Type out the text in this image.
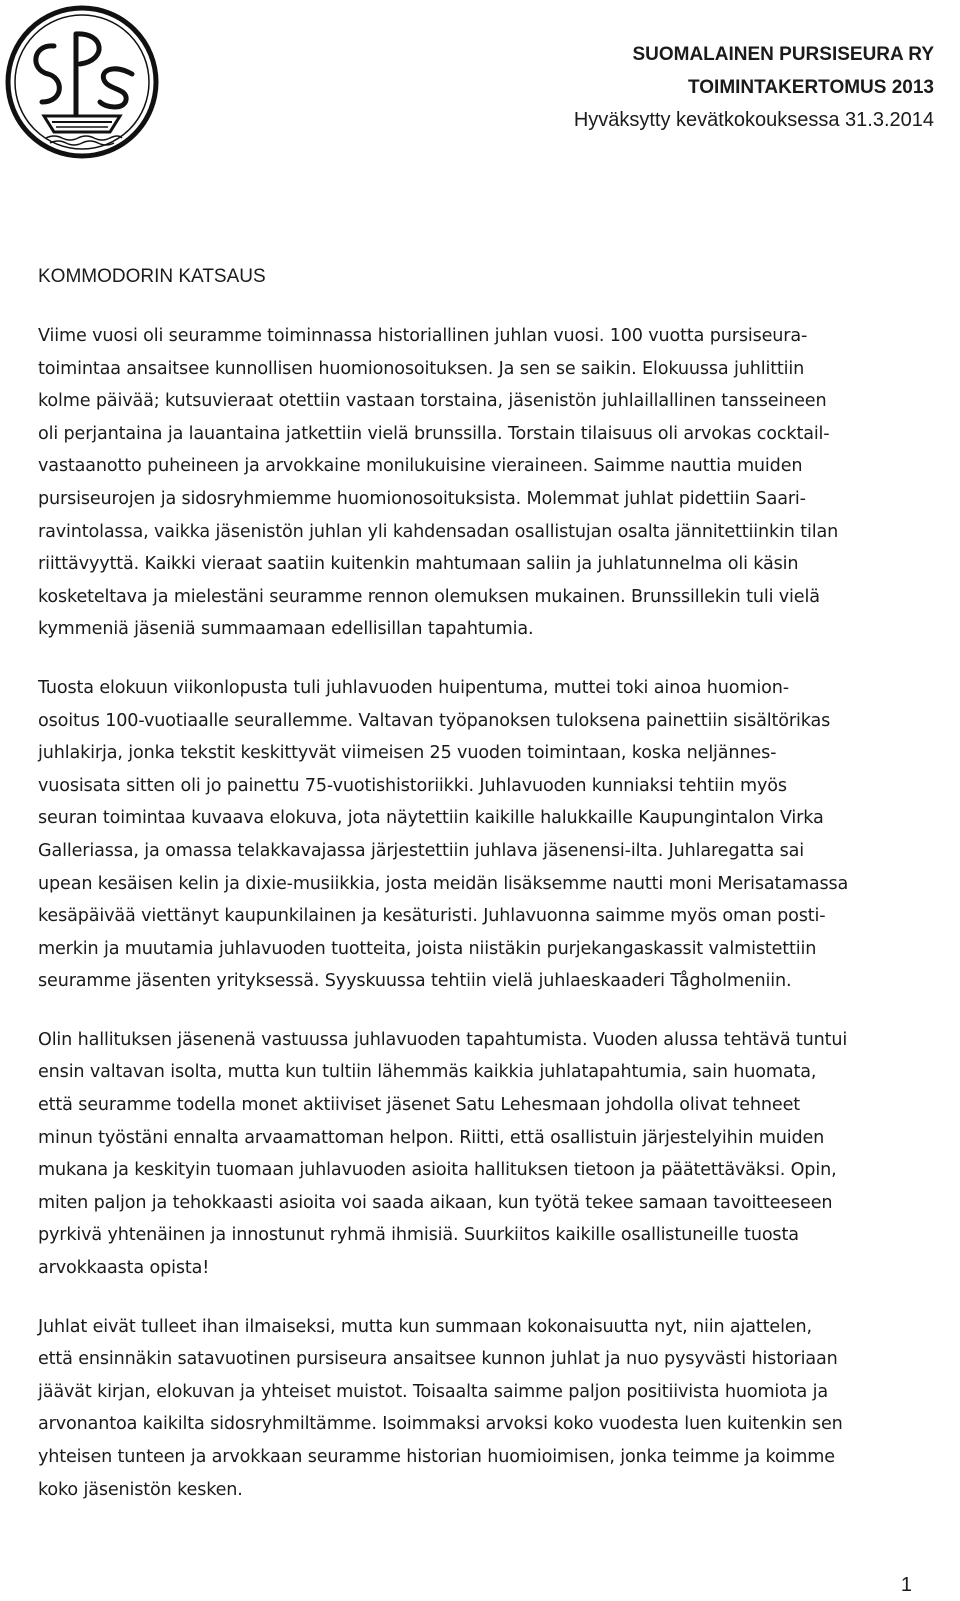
SUOMALAINEN PURSISEURA RY
TOIMINTAKERTOMUS 2013
Hyväksytty kevätkokouksessa 31.3.2014
KOMMODORIN KATSAUS

Viime vuosi oli seuramme toiminnassa historiallinen juhlan vuosi. 100 vuotta pursiseura-
toimintaa ansaitsee kunnollisen huomionosoituksen. Ja sen se saikin. Elokuussa juhlittiin
kolme päivää; kutsuvieraat otettiin vastaan torstaina, jäsenistön juhlaillallinen tansseineen
oli perjantaina ja lauantaina jatkettiin vielä brunssilla. Torstain tilaisuus oli arvokas cocktail-
vastaanotto puheineen ja arvokkaine monilukuisine vieraineen. Saimme nauttia muiden
pursiseurojen ja sidosryhmiemme huomionosoituksista. Molemmat juhlat pidettiin Saari-
ravintolassa, vaikka jäsenistön juhlan yli kahdensadan osallistujan osalta jännitettiinkin tilan
riittävyyttä. Kaikki vieraat saatiin kuitenkin mahtumaan saliin ja juhlatunnelma oli käsin
kosketeltava ja mielestäni seuramme rennon olemuksen mukainen. Brunssillekin tuli vielä
kymmeniä jäseniä summaamaan edellisillan tapahtumia.

Tuosta elokuun viikonlopusta tuli juhlavuoden huipentuma, muttei toki ainoa huomion-
osoitus 100-vuotiaalle seurallemme. Valtavan työpanoksen tuloksena painettiin sisältörikas
juhlakirja, jonka tekstit keskittyvät viimeisen 25 vuoden toimintaan, koska neljännes-
vuosisata sitten oli jo painettu 75-vuotishistoriikki. Juhlavuoden kunniaksi tehtiin myös
seuran toimintaa kuvaava elokuva, jota näytettiin kaikille halukkaille Kaupungintalon Virka
Galleriassa, ja omassa telakkavajassa järjestettiin juhlava jäsenensi-ilta. Juhlaregatta sai
upean kesäisen kelin ja dixie-musiikkia, josta meidän lisäksemme nautti moni Merisatamassa
kesäpäivää viettänyt kaupunkilainen ja kesäturisti. Juhlavuonna saimme myös oman posti-
merkin ja muutamia juhlavuoden tuotteita, joista niistäkin purjekangaskassit valmistettiin
seuramme jäsenten yrityksessä. Syyskuussa tehtiin vielä juhlaeskaaderi Tågholmeniin.

Olin hallituksen jäsenenä vastuussa juhlavuoden tapahtumista. Vuoden alussa tehtävä tuntui
ensin valtavan isolta, mutta kun tultiin lähemmäs kaikkia juhlatapahtumia, sain huomata,
että seuramme todella monet aktiiviset jäsenet Satu Lehesmaan johdolla olivat tehneet
minun työstäni ennalta arvaamattoman helpon. Riitti, että osallistuin järjestelyihin muiden
mukana ja keskityin tuomaan juhlavuoden asioita hallituksen tietoon ja päätettäväksi. Opin,
miten paljon ja tehokkaasti asioita voi saada aikaan, kun työtä tekee samaan tavoitteeseen
pyrkivä yhtenäinen ja innostunut ryhmä ihmisiä. Suurkiitos kaikille osallistuneille tuosta
arvokkaasta opista!

Juhlat eivät tulleet ihan ilmaiseksi, mutta kun summaan kokonaisuutta nyt, niin ajattelen,
että ensinnäkin satavuotinen pursiseura ansaitsee kunnon juhlat ja nuo pysyvästi historiaan
jäävät kirjan, elokuvan ja yhteiset muistot. Toisaalta saimme paljon positiivista huomiota ja
arvonantoa kaikilta sidosryhmiltämme. Isoimmaksi arvoksi koko vuodesta luen kuitenkin sen
yhteisen tunteen ja arvokkaan seuramme historian huomioimisen, jonka teimme ja koimme
koko jäsenistön kesken.

1
